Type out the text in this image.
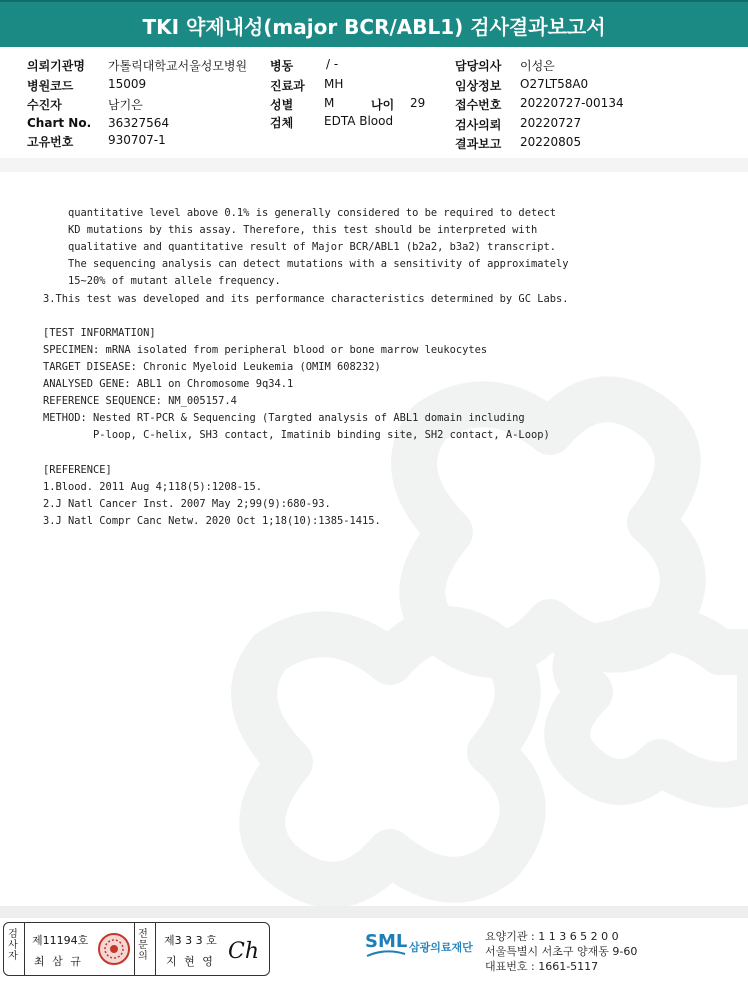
TKI 약제내성(major BCR/ABL1) 검사결과보고서
의뢰기관명 가톨릭대학교서울성모병원
병원코드	15009
수진자	남기은
Chart No. 36327564
고유번호	930707-1
병동	/ -
진료과 MH
성별	M	나이 29
검체	EDTA Blood
담당의사 이성은
임상정보 O27LT58A0
접수번호 20220727-00134
검사의뢰 20220727
결과보고 20220805
quantitative level above 0.1% is generally considered to be required to detect
KD mutations by this assay. Therefore, this test should be interpreted with
qualitative and quantitative result of Major BCR/ABL1 (b2a2, b3a2) transcript.
The sequencing analysis can detect mutations with a sensitivity of approximately
15~20% of mutant allele frequency.
3.This test was developed and its performance characteristics determined by GC Labs.
[TEST INFORMATION]
SPECIMEN: mRNA isolated from peripheral blood or bone marrow leukocytes
TARGET DISEASE: Chronic Myeloid Leukemia (OMIM 608232)
ANALYSED GENE: ABL1 on Chromosome 9q34.1
REFERENCE SEQUENCE: NM_005157.4
METHOD: Nested RT-PCR & Sequencing (Targted analysis of ABL1 domain including
P-loop, C-helix, SH3 contact, Imatinib binding site, SH2 contact, A-Loop)
[REFERENCE]
1.Blood. 2011 Aug 4;118(5):1208-15.
2.J Natl Cancer Inst. 2007 May 2;99(9):680-93.
3.J Natl Compr Canc Netw. 2020 Oct 1;18(10):1385-1415.
검
사
자
제11194호
최 삼 규
전
문
의
제3 3 3 호
지 현 영 Ch	SML 삼광의료재단
요양기관 : 1 1 3 6 5 2 0 0
서울특별시 서초구 양재동 9-60
대표번호 : 1661-5117
